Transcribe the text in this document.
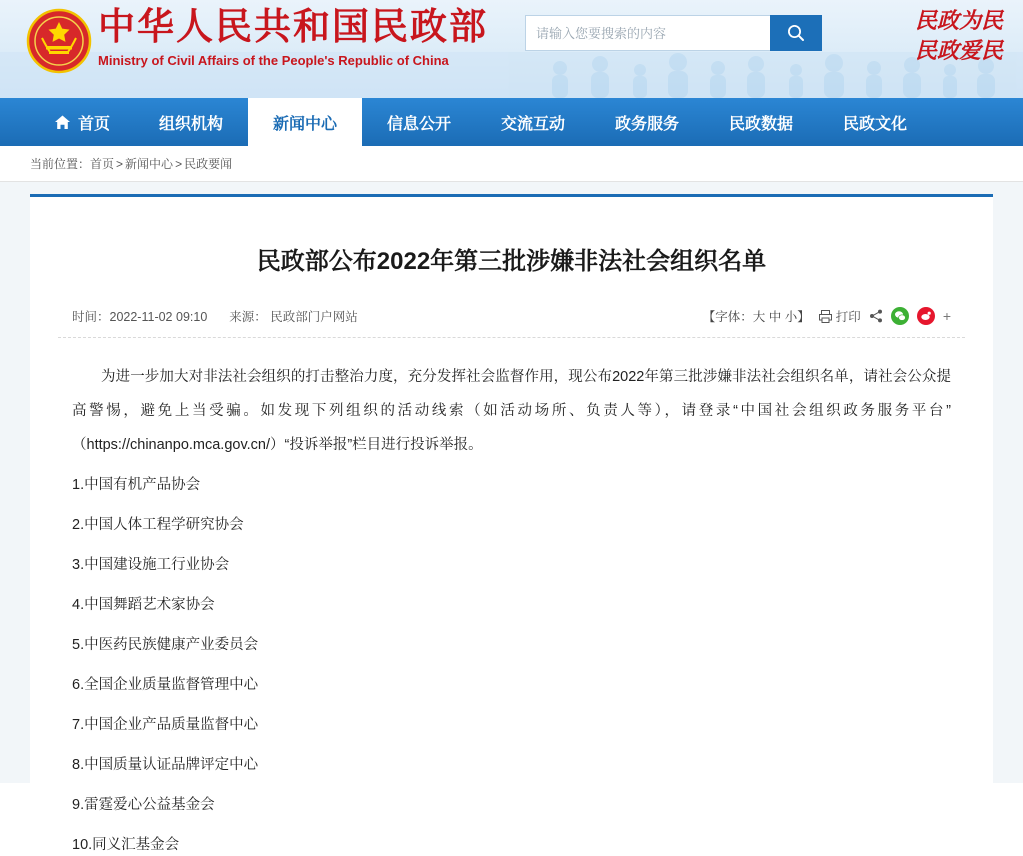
中华人民共和国民政部
Ministry of Civil Affairs of the People's Republic of China
请输入您要搜索的内容
民政为民
民政爱民
首页	组织机构	新闻中心	信息公开	交流互动	政务服务	民政数据	民政文化
当前位置： 首页 > 新闻中心 > 民政要闻
民政部公布2022年第三批涉嫌非法社会组织名单
时间：2022-11-02 09:10 来源： 民政部门户网站	【字体：大 中 小】 打印	+

为进一步加大对非法社会组织的打击整治力度，充分发挥社会监督作用，现公布2022年第三批涉嫌非法社会组织名单，请社会公众提高警惕，避免上当受骗。如发现下列组织的活动线索（如活动场所、负责人等），请登录“中国社会组织政务服务平台”（https://chinanpo.mca.gov.cn/）“投诉举报”栏目进行投诉举报。

1.中国有机产品协会

2.中国人体工程学研究协会

3.中国建设施工行业协会

4.中国舞蹈艺术家协会

5.中医药民族健康产业委员会

6.全国企业质量监督管理中心

7.中国企业产品质量监督中心

8.中国质量认证品牌评定中心

9.雷霆爱心公益基金会

10.同义汇基金会
